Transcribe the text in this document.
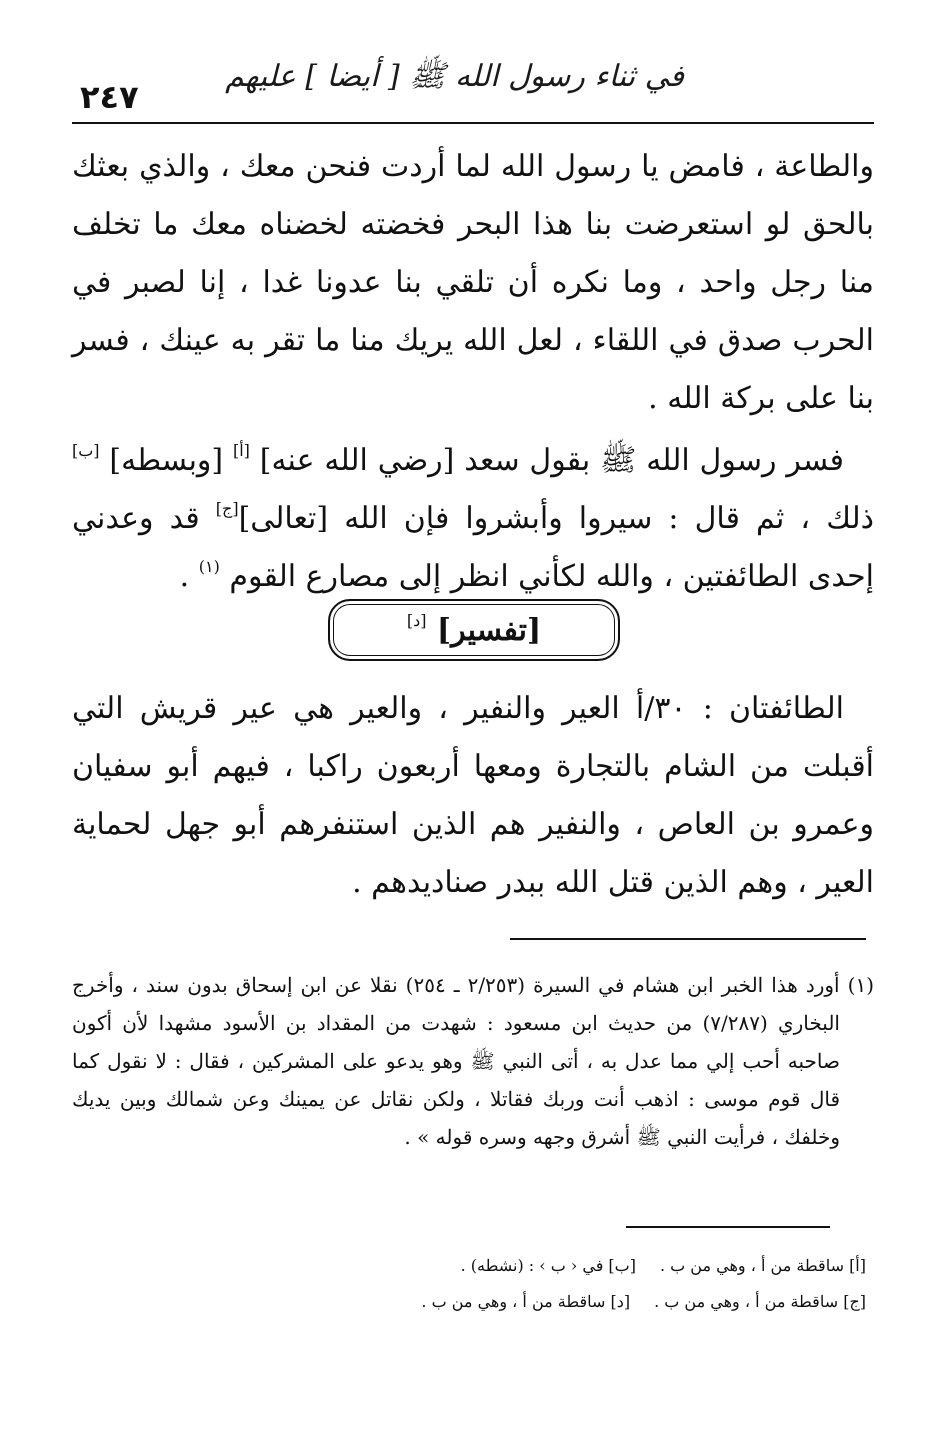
في ثناء رسول الله ﷺ [ أيضا ] عليهم
٢٤٧

والطاعة ، فامض يا رسول الله لما أردت فنحن معك ، والذي بعثك بالحق لو استعرضت بنا هذا البحر فخضته لخضناه معك ما تخلف منا رجل واحد ، وما نكره أن تلقي بنا عدونا غدا ، إنا لصبر في الحرب صدق في اللقاء ، لعل الله يريك منا ما تقر به عينك ، فسر بنا على بركة الله .

فسر رسول الله ﷺ بقول سعد [رضي الله عنه] [أ] [وبسطه] [ب] ذلك ، ثم قال : سيروا وأبشروا فإن الله [تعالى][ج] قد وعدني إحدى الطائفتين ، والله لكأني انظر إلى مصارع القوم $^{(١)}$ .

[تفسير] [د]

الطائفتان : ٣٠/أ العير والنفير ، والعير هي عير قريش التي أقبلت من الشام بالتجارة ومعها أربعون راكبا ، فيهم أبو سفيان وعمرو بن العاص ، والنفير هم الذين استنفرهم أبو جهل لحماية العير ، وهم الذين قتل الله ببدر صناديدهم .

(١) أورد هذا الخبر ابن هشام في السيرة (٢/٢٥٣ ـ ٢٥٤) نقلا عن ابن إسحاق بدون سند ، وأخرج البخاري (٧/٢٨٧) من حديث ابن مسعود : شهدت من المقداد بن الأسود مشهدا لأن أكون صاحبه أحب إلي مما عدل به ، أتى النبي ﷺ وهو يدعو على المشركين ، فقال : لا نقول كما قال قوم موسى : اذهب أنت وربك فقاتلا ، ولكن نقاتل عن يمينك وعن شمالك وبين يديك وخلفك ، فرأيت النبي ﷺ أشرق وجهه وسره قوله » .

[أ] ساقطة من أ ، وهي من ب .
[ب] في ‹ ب › : (نشطه) .
[ج] ساقطة من أ ، وهي من ب .
[د] ساقطة من أ ، وهي من ب .
